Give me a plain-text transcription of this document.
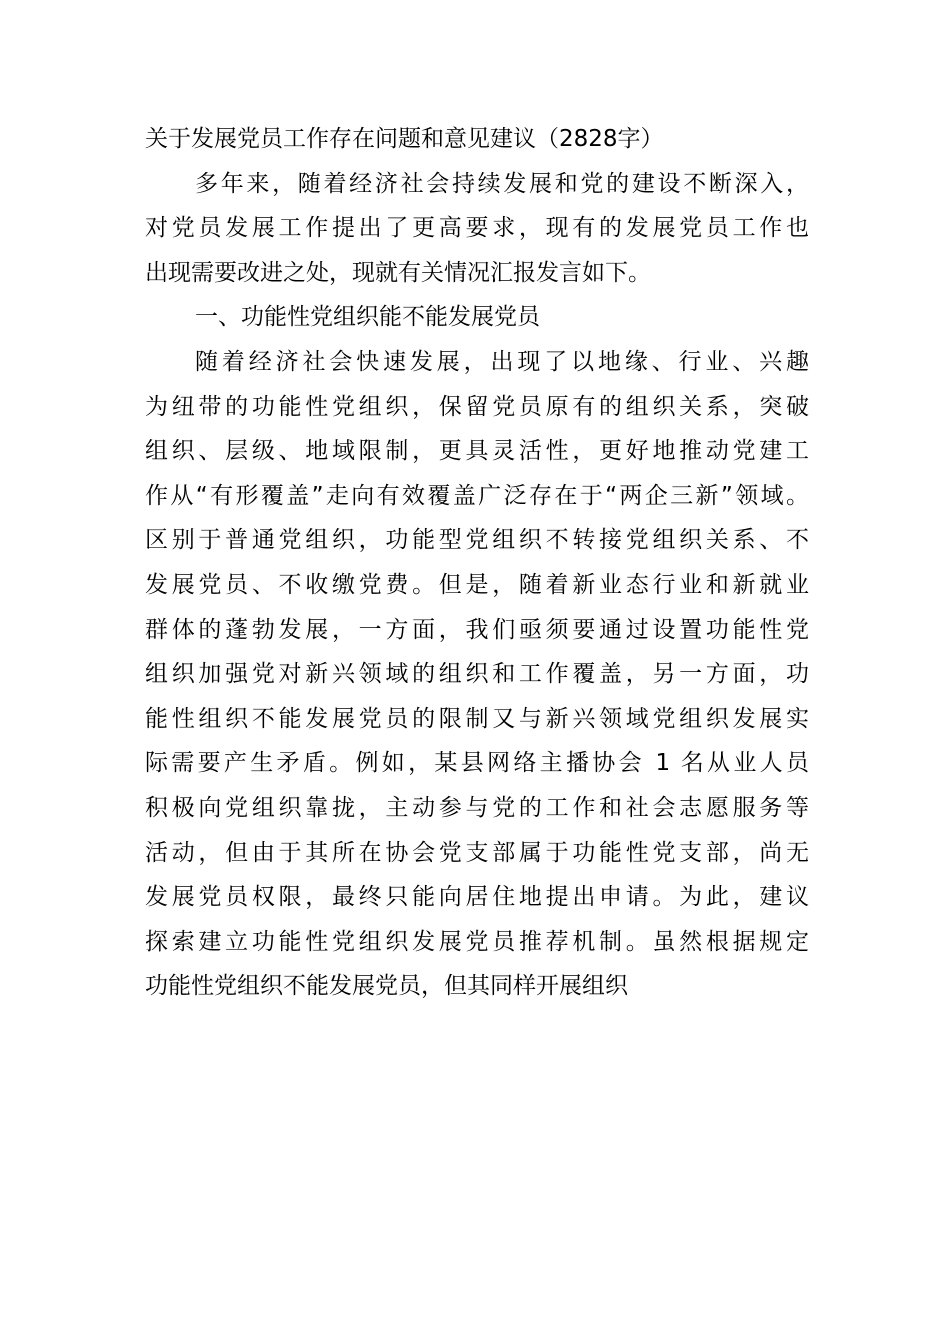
关于发展党员工作存在问题和意见建议（2828字）
多年来，随着经济社会持续发展和党的建设不断深入，
对党员发展工作提出了更高要求，现有的发展党员工作也
出现需要改进之处，现就有关情况汇报发言如下。
一、功能性党组织能不能发展党员
随着经济社会快速发展，出现了以地缘、行业、兴趣
为纽带的功能性党组织，保留党员原有的组织关系，突破
组织、层级、地域限制，更具灵活性，更好地推动党建工
作从“有形覆盖”走向有效覆盖广泛存在于“两企三新”领域。
区别于普通党组织，功能型党组织不转接党组织关系、不
发展党员、不收缴党费。但是，随着新业态行业和新就业
群体的蓬勃发展，一方面，我们亟须要通过设置功能性党
组织加强党对新兴领域的组织和工作覆盖，另一方面，功
能性组织不能发展党员的限制又与新兴领域党组织发展实
际需要产生矛盾。例如，某县网络主播协会 1 名从业人员
积极向党组织靠拢，主动参与党的工作和社会志愿服务等
活动，但由于其所在协会党支部属于功能性党支部，尚无
发展党员权限，最终只能向居住地提出申请。为此，建议
探索建立功能性党组织发展党员推荐机制。虽然根据规定
功能性党组织不能发展党员，但其同样开展组织
